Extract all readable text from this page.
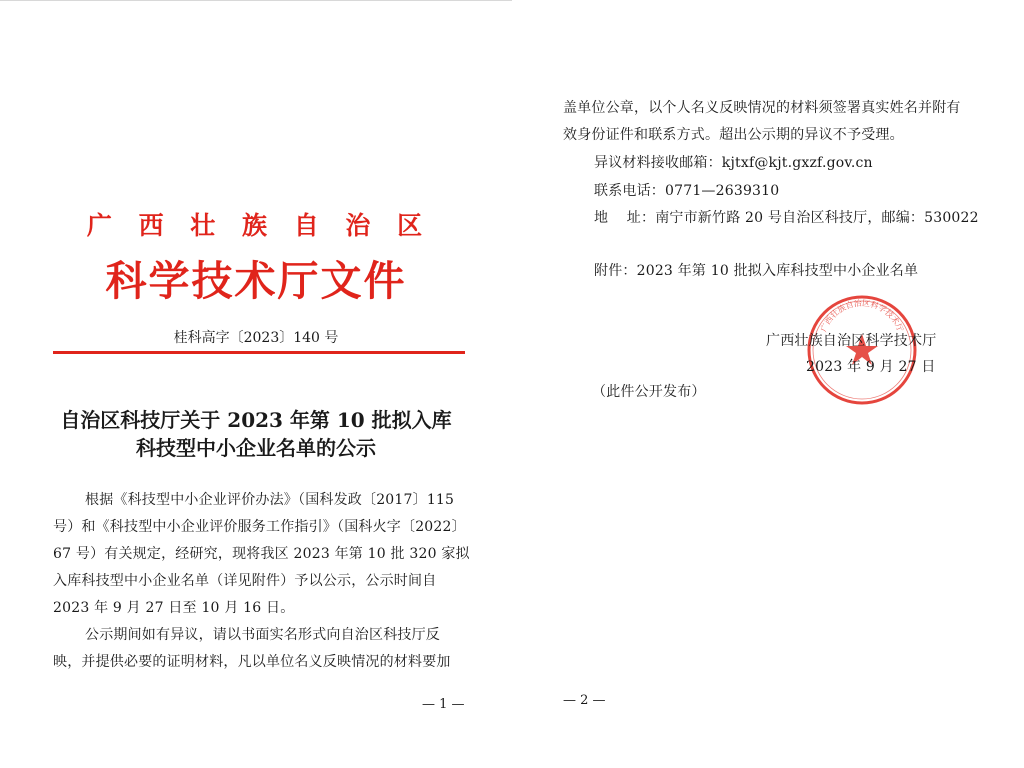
广 西 壮 族 自 治 区
科学技术厅文件
桂科高字〔2023〕140 号
自治区科技厅关于 2023 年第 10 批拟入库
科技型中小企业名单的公示
根据《科技型中小企业评价办法》（国科发政〔2017〕115
号）和《科技型中小企业评价服务工作指引》（国科火字〔2022〕
67 号）有关规定，经研究，现将我区 2023 年第 10 批 320 家拟
入库科技型中小企业名单（详见附件）予以公示，公示时间自
2023 年 9 月 27 日至 10 月 16 日。
公示期间如有异议，请以书面实名形式向自治区科技厅反
映，并提供必要的证明材料，凡以单位名义反映情况的材料要加
— 1 —
盖单位公章，以个人名义反映情况的材料须签署真实姓名并附有
效身份证件和联系方式。超出公示期的异议不予受理。
异议材料接收邮箱：kjtxf@kjt.gxzf.gov.cn
联系电话：0771—2639310
地    址：南宁市新竹路 20 号自治区科技厅，邮编：530022
附件：2023 年第 10 批拟入库科技型中小企业名单
广西壮族自治区科学技术厅
广西壮族自治区科学技术厅
2023 年 9 月 27 日
（此件公开发布）
— 2 —
